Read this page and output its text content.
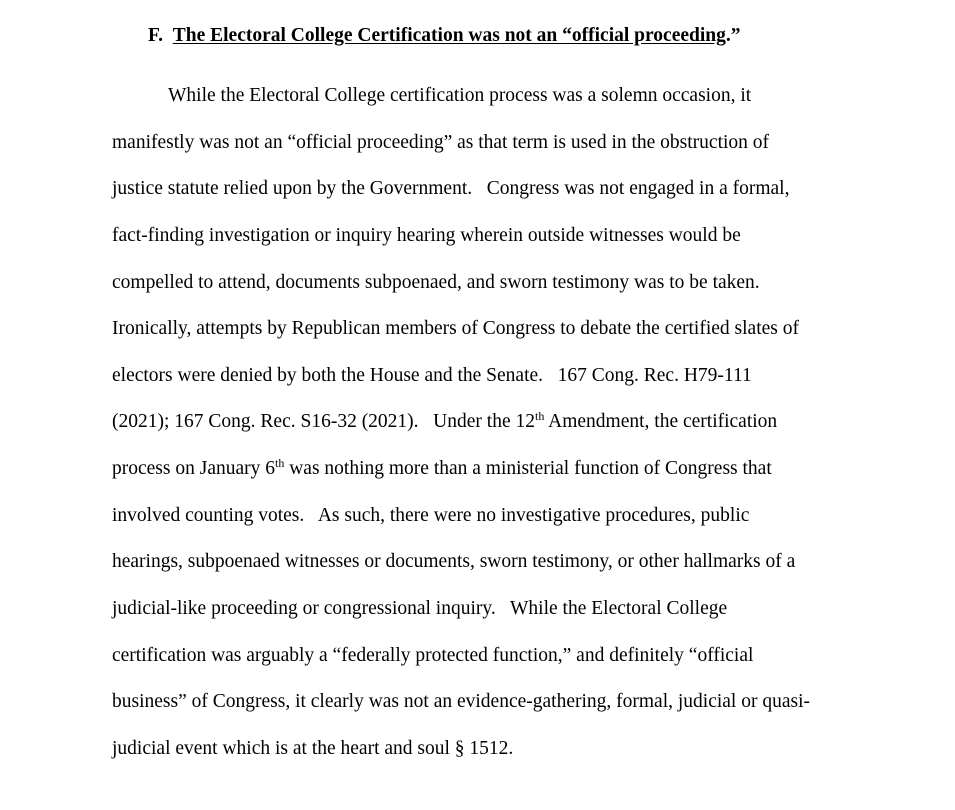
F. The Electoral College Certification was not an “official proceeding.”
While the Electoral College certification process was a solemn occasion, it
manifestly was not an “official proceeding” as that term is used in the obstruction of
justice statute relied upon by the Government.   Congress was not engaged in a formal,
fact-finding investigation or inquiry hearing wherein outside witnesses would be
compelled to attend, documents subpoenaed, and sworn testimony was to be taken.
Ironically, attempts by Republican members of Congress to debate the certified slates of
electors were denied by both the House and the Senate.   167 Cong. Rec. H79-111
(2021); 167 Cong. Rec. S16-32 (2021).   Under the 12th Amendment, the certification
process on January 6th was nothing more than a ministerial function of Congress that
involved counting votes.   As such, there were no investigative procedures, public
hearings, subpoenaed witnesses or documents, sworn testimony, or other hallmarks of a
judicial-like proceeding or congressional inquiry.   While the Electoral College
certification was arguably a “federally protected function,” and definitely “official
business” of Congress, it clearly was not an evidence-gathering, formal, judicial or quasi-
judicial event which is at the heart and soul § 1512.
